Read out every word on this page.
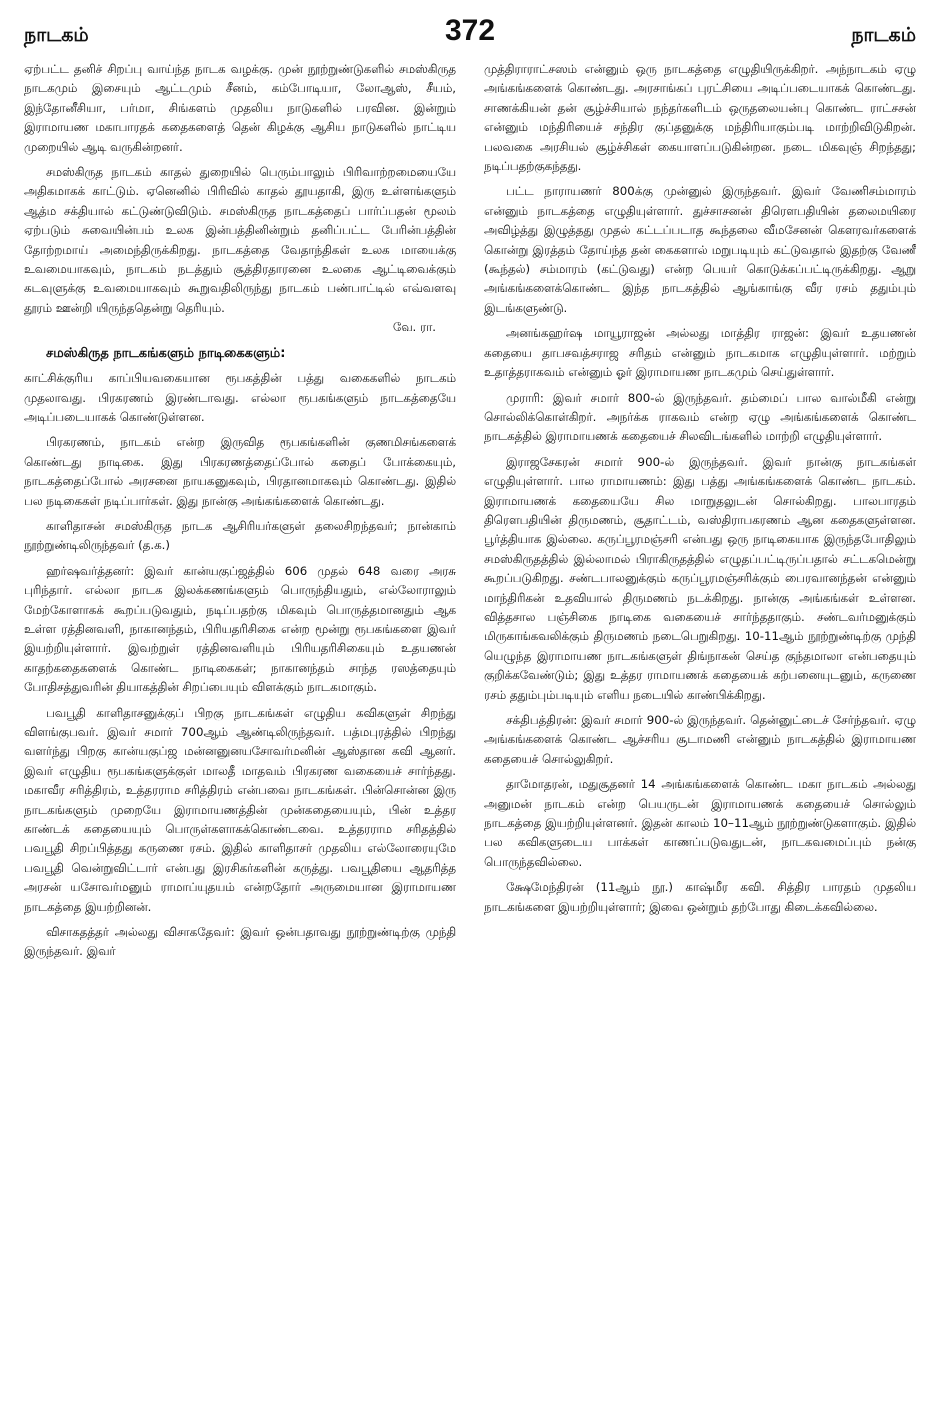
நாடகம்	372	நாடகம்

ஏற்பட்ட தனிச் சிறப்பு வாய்ந்த நாடக வழக்கு. முன் நூற்றுண்டுகளில் சமஸ்கிருத நாடகமும் இசையும் ஆட்டமும் சீனம், கம்போடியா, லோஆஸ், சீயம், இந்தோனீசியா, பர்மா, சிங்களம் முதலிய நாடுகளில் பரவின. இன்றும் இராமாயண மகாபாரதக் கதைகளைத் தென் கிழக்கு ஆசிய நாடுகளில் நாட்டிய முறையில் ஆடி வருகின்றனர்.

சமஸ்கிருத நாடகம் காதல் துறையில் பெரும்பாலும் பிரிவாற்றமையையே அதிகமாகக் காட்டும். ஏனெனில் பிரிவில் காதல் தூயதாகி, இரு உள்ளங்களும் ஆத்ம சக்தியால் கட்டுண்டுவிடும். சமஸ்கிருத நாடகத்தைப் பார்ப்பதன் மூலம் ஏற்படும் சுவையின்பம் உலக இன்பத்தினின்றும் தனிப்பட்ட பேரின்பத்தின் தோற்றமாய் அமைந்திருக்கிறது. நாடகத்தை வேதாந்திகள் உலக மாயைக்கு உவமையாகவும், நாடகம் நடத்தும் சூத்திரதாரனை உலகை ஆட்டிவைக்கும் கடவுளுக்கு உவமையாகவும் கூறுவதிலிருந்து நாடகம் பண்பாட்டில் எவ்வளவு தூரம் ஊன்றி யிருந்ததென்று தெரியும்.

வே. ரா.

சமஸ்கிருத நாடகங்களும் நாடிகைகளும்:

காட்சிக்குரிய காப்பியவகையான ரூபகத்தின் பத்து வகைகளில் நாடகம் முதலாவது. பிரகரணம் இரண்டாவது. எல்லா ரூபகங்களும் நாடகத்தையே அடிப்படையாகக் கொண்டுள்ளன.

பிரகரணம், நாடகம் என்ற இருவித ரூபகங்களின் குணமிசங்களைக் கொண்டது நாடிகை. இது பிரகரணத்தைப்போல் கதைப் போக்கையும், நாடகத்தைப்போல் அரசனை நாயகனுகவும், பிரதானமாகவும் கொண்டது. இதில் பல நடிகைகள் நடிப்பார்கள். இது நான்கு அங்கங்களைக் கொண்டது.

காளிதாசன் சமஸ்கிருத நாடக ஆசிரியர்களுள் தலைசிறந்தவர்; நான்காம் நூற்றுண்டிலிருந்தவர் (த.க.)

ஹர்ஷவர்த்தனர்: இவர் கான்யகுப்ஜத்தில் 606 முதல் 648 வரை அரசு புரிந்தார். எல்லா நாடக இலக்கணங்களும் பொருந்தியதும், எல்லோராலும் மேற்கோளாகக் கூறப்படுவதும், நடிப்பதற்கு மிகவும் பொருத்தமானதும் ஆக உள்ள ரத்தினவளி, நாகானந்தம், பிரியதரிசிகை என்ற மூன்று ரூபகங்களை இவர் இயற்றியுள்ளார். இவற்றுள் ரத்தினவளியும் பிரியதரிசிகையும் உதயணன் காதற்கதைகளைக் கொண்ட நாடிகைகள்; நாகானந்தம் சாந்த ரஸத்தையும் போதிசத்துவரின் தியாகத்தின் சிறப்பையும் விளக்கும் நாடகமாகும்.

பவபூதி காளிதாசனுக்குப் பிறகு நாடகங்கள் எழுதிய கவிகளுள் சிறந்து விளங்குபவர். இவர் சமார் 700ஆம் ஆண்டிலிருந்தவர். பத்மபுரத்தில் பிறந்து வளர்ந்து பிறகு கான்யகுப்ஜ மன்னனுனயசோவர்மனின் ஆஸ்தான கவி ஆனர். இவர் எழுதிய ரூபகங்களுக்குள் மாலதீ மாதவம் பிரகரண வகையைச் சார்ந்தது. மகாவீர சரித்திரம், உத்தரராம சரித்திரம் என்பவை நாடகங்கள். பின்சொன்ன இரு நாடகங்களும் முறையே இராமாயணத்தின் முன்கதையையும், பின் உத்தர காண்டக் கதையையும் பொருள்களாகக்கொண்டவை. உத்தரராம சரிதத்தில் பவபூதி சிறப்பித்தது கருணை ரசம். இதில் காளிதாசர் முதலிய எல்லோரையுமே பவபூதி வென்றுவிட்டார் என்பது இரசிகர்களின் கருத்து. பவபூதியை ஆதரித்த அரசன் யசோவர்மனும் ராமாப்யுதயம் என்றதோர் அருமையான இராமாயண நாடகத்தை இயற்றினன்.

விசாகதத்தர் அல்லது விசாகதேவர்: இவர் ஒன்பதாவது நூற்றுண்டிற்கு முந்தி இருந்தவர். இவர்

முத்திராராட்சஸம் என்னும் ஒரு நாடகத்தை எழுதியிருக்கிறர். அந்நாடகம் ஏழு அங்கங்களைக் கொண்டது. அரசாங்கப் புரட்சியை அடிப்படையாகக் கொண்டது. சாணக்கியன் தன் சூழ்ச்சியால் நந்தர்களிடம் ஒருதலையன்பு கொண்ட ராட்சசன் என்னும் மந்திரியைச் சந்திர குப்தனுக்கு மந்திரியாகும்படி மாற்றிவிடுகிறன். பலவகை அரசியல் சூழ்ச்சிகள் கையாளப்படுகின்றன. நடை மிகவுஞ் சிறந்தது; நடிப்பதற்குகந்தது.

பட்ட நாராயணர் 800க்கு முன்னுல் இருந்தவர். இவர் வேணிசம்மாரம் என்னும் நாடகத்தை எழுதியுள்ளார். துச்சாசனன் திரௌபதியின் தலைமயிரை அவிழ்த்து இழுத்தது முதல் கட்டப்படாத கூந்தலை வீமசேனன் கௌரவர்களைக் கொன்று இரத்தம் தோய்ந்த தன் கைகளால் மறுபடியும் கட்டுவதால் இதற்கு வேணீ (கூந்தல்) சம்மாரம் (கட்டுவது) என்ற பெயர் கொடுக்கப்பட்டிருக்கிறது. ஆறு அங்கங்களைக்கொண்ட இந்த நாடகத்தில் ஆங்காங்கு வீர ரசம் ததும்பும் இடங்களுண்டு.

அனங்கஹர்ஷ மாயூராஜன் அல்லது மாத்திர ராஜன்: இவர் உதயணன் கதையை தாபசவத்சராஜ சரிதம் என்னும் நாடகமாக எழுதியுள்ளார். மற்றும் உதாத்தராகவம் என்னும் ஓர் இராமாயண நாடகமும் செய்துள்ளார்.

முராரி: இவர் சமார் 800-ல் இருந்தவர். தம்மைப் பால வால்மீகி என்று சொல்லிக்கொள்கிறர். அநர்க்க ராகவம் என்ற ஏழு அங்கங்களைக் கொண்ட நாடகத்தில் இராமாயணக் கதையைச் சிலவிடங்களில் மாற்றி எழுதியுள்ளார்.

இராஜசேகரன் சமார் 900-ல் இருந்தவர். இவர் நான்கு நாடகங்கள் எழுதியுள்ளார். பால ராமாயணம்: இது பத்து அங்கங்களைக் கொண்ட நாடகம். இராமாயணக் கதையையே சில மாறுதலுடன் சொல்கிறது. பாலபாரதம் திரௌபதியின் திருமணம், சூதாட்டம், வஸ்திராபகரணம் ஆன கதைகளுள்ளன. பூர்த்தியாக இல்லை. கருப்பூரமஞ்சரி என்பது ஒரு நாடிகையாக இருந்தபோதிலும் சமஸ்கிருதத்தில் இல்லாமல் பிராகிருதத்தில் எழுதப்பட்டிருப்பதால் சட்டகமென்று கூறப்படுகிறது. சண்டபாலனுக்கும் கருப்பூரமஞ்சரிக்கும் பைரவானந்தன் என்னும் மாந்திரிகன் உதவியால் திருமணம் நடக்கிறது. நான்கு அங்கங்கள் உள்ளன. வித்தசால பஞ்சிகை நாடிகை வகையைச் சார்ந்ததாகும். சண்டவர்மனுக்கும் மிருகாங்கவலிக்கும் திருமணம் நடைபெறுகிறது. 10-11ஆம் நூற்றுண்டிற்கு முந்தி யெழுந்த இராமாயண நாடகங்களுள் திங்நாகன் செய்த குந்தமாலா என்பதையும் குறிக்கவேண்டும்; இது உத்தர ராமாயணக் கதையைக் கற்பனையுடனும், கருணை ரசம் ததும்பும்படியும் எளிய நடையில் காண்பிக்கிறது.

சக்திபத்திரன்: இவர் சமார் 900-ல் இருந்தவர். தென்னுட்டைச் சேர்ந்தவர். ஏழு அங்கங்களைக் கொண்ட ஆச்சரிய சூடாமணி என்னும் நாடகத்தில் இராமாயண கதையைச் சொல்லுகிறர்.

தாமோதரன், மதுசூதனர் 14 அங்கங்களைக் கொண்ட மகா நாடகம் அல்லது அனுமன் நாடகம் என்ற பெயருடன் இராமாயணக் கதையைச் சொல்லும் நாடகத்தை இயற்றியுள்ளனர். இதன் காலம் 10–11ஆம் நூற்றுண்டுகளாகும். இதில் பல கவிகளுடைய பாக்கள் காணப்படுவதுடன், நாடகவமைப்பும் நன்கு பொருந்தவில்லை.

க்ஷேமேந்திரன் (11ஆம் நூ.) காஷ்மீர கவி. சித்திர பாரதம் முதலிய நாடகங்களை இயற்றியுள்ளார்; இவை ஒன்றும் தற்போது கிடைக்கவில்லை.
